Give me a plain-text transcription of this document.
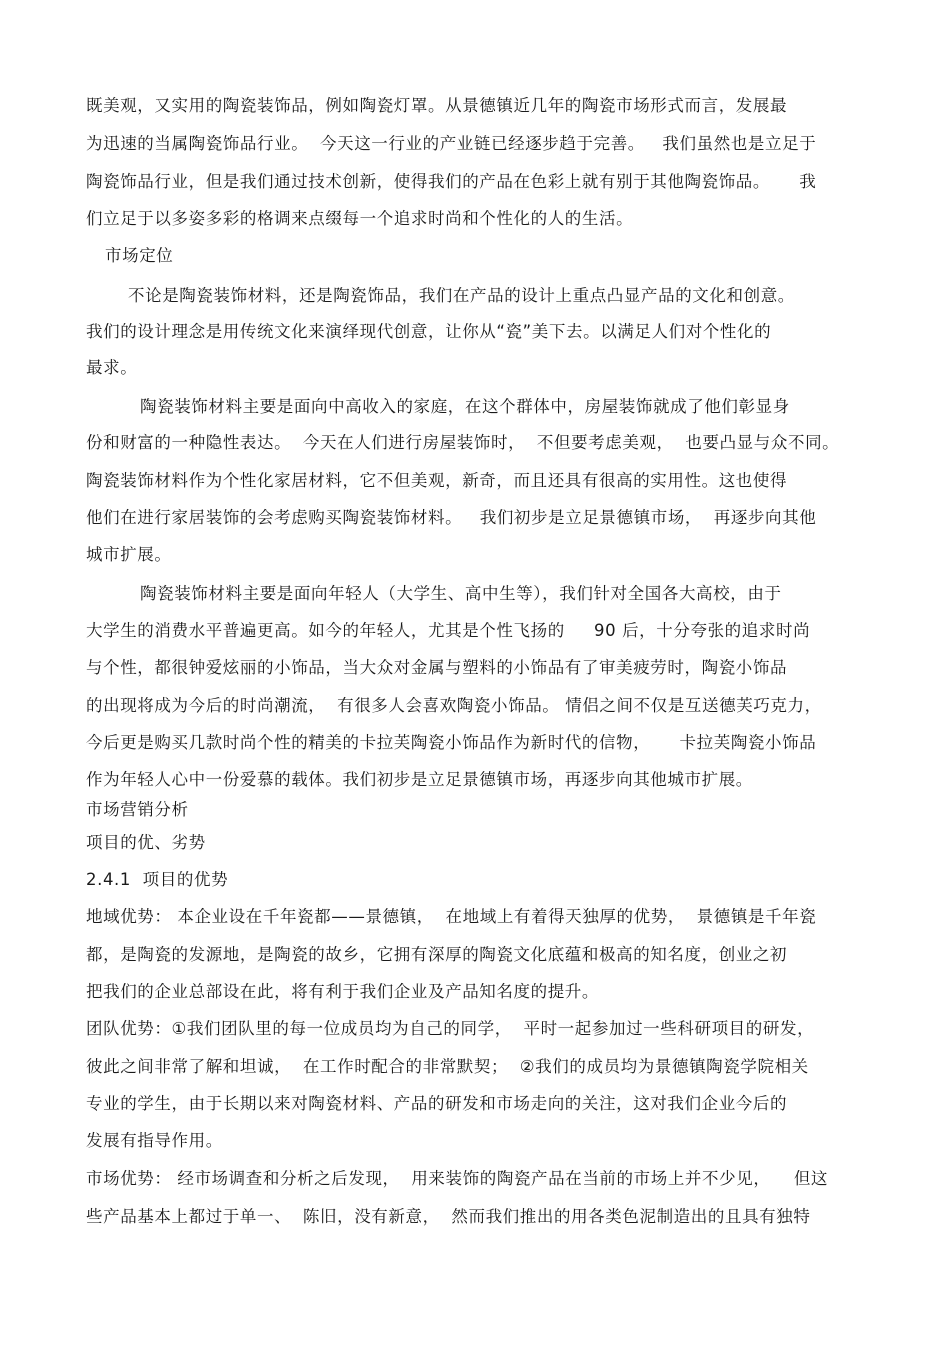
既美观，又实用的陶瓷装饰品，例如陶瓷灯罩。从景德镇近几年的陶瓷市场形式而言，发展最
为迅速的当属陶瓷饰品行业。  今天这一行业的产业链已经逐步趋于完善。   我们虽然也是立足于
陶瓷饰品行业，但是我们通过技术创新，使得我们的产品在色彩上就有别于其他陶瓷饰品。     我
们立足于以多姿多彩的格调来点缀每一个追求时尚和个性化的人的生活。
市场定位
不论是陶瓷装饰材料，还是陶瓷饰品，我们在产品的设计上重点凸显产品的文化和创意。
我们的设计理念是用传统文化来演绎现代创意，让你从“瓷”美下去。以满足人们对个性化的
最求。
陶瓷装饰材料主要是面向中高收入的家庭，在这个群体中，房屋装饰就成了他们彰显身
份和财富的一种隐性表达。  今天在人们进行房屋装饰时，  不但要考虑美观，  也要凸显与众不同。
陶瓷装饰材料作为个性化家居材料，它不但美观，新奇，而且还具有很高的实用性。这也使得
他们在进行家居装饰的会考虑购买陶瓷装饰材料。   我们初步是立足景德镇市场，  再逐步向其他
城市扩展。
陶瓷装饰材料主要是面向年轻人（大学生、高中生等），我们针对全国各大高校，由于
大学生的消费水平普遍更高。如今的年轻人，尤其是个性飞扬的     90 后，十分夸张的追求时尚
与个性，都很钟爱炫丽的小饰品，当大众对金属与塑料的小饰品有了审美疲劳时，陶瓷小饰品
的出现将成为今后的时尚潮流，  有很多人会喜欢陶瓷小饰品。 情侣之间不仅是互送德芙巧克力，
今后更是购买几款时尚个性的精美的卡拉芙陶瓷小饰品作为新时代的信物，     卡拉芙陶瓷小饰品
作为年轻人心中一份爱慕的载体。我们初步是立足景德镇市场，再逐步向其他城市扩展。
市场营销分析
项目的优、劣势
2.4.1  项目的优势
地域优势： 本企业设在千年瓷都——景德镇，  在地域上有着得天独厚的优势，  景德镇是千年瓷
都，是陶瓷的发源地，是陶瓷的故乡，它拥有深厚的陶瓷文化底蕴和极高的知名度，创业之初
把我们的企业总部设在此，将有利于我们企业及产品知名度的提升。
团队优势：①我们团队里的每一位成员均为自己的同学，  平时一起参加过一些科研项目的研发，
彼此之间非常了解和坦诚，  在工作时配合的非常默契；  ②我们的成员均为景德镇陶瓷学院相关
专业的学生，由于长期以来对陶瓷材料、产品的研发和市场走向的关注，这对我们企业今后的
发展有指导作用。
市场优势： 经市场调查和分析之后发现，  用来装饰的陶瓷产品在当前的市场上并不少见，    但这
些产品基本上都过于单一、  陈旧，没有新意，  然而我们推出的用各类色泥制造出的且具有独特
